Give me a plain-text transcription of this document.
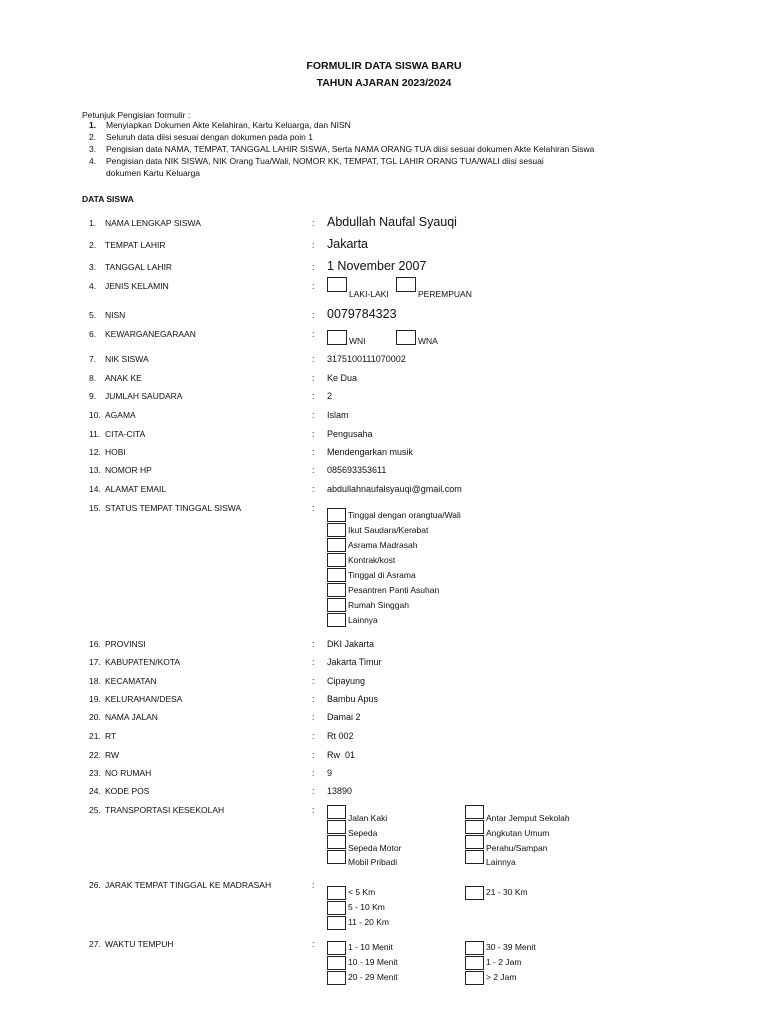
FORMULIR DATA SISWA BARU
TAHUN AJARAN 2023/2024
Petunjuk Pengisian formulir :
1. Menyiapkan Dokumen Akte Kelahiran, Kartu Keluarga, dan NISN
2. Seluruh data diisi sesuai dengan dokumen pada poin 1
3. Pengisian data NAMA, TEMPAT, TANGGAL LAHIR SISWA, Serta NAMA ORANG TUA diisi sesuai dokumen Akte Kelahiran Siswa
4. Pengisian data NIK SISWA, NIK Orang Tua/Wali, NOMOR KK, TEMPAT, TGL LAHIR ORANG TUA/WALI diisi sesuai
dokumen Kartu Keluarga
DATA SISWA
1. NAMA LENGKAP SISWA	: Abdullah Naufal Syauqi
2. TEMPAT LAHIR	: Jakarta
3. TANGGAL LAHIR	: 1 November 2007
4. JENIS KELAMIN	:
LAKI-LAKI	PEREMPUAN
5. NISN	: 0079784323
6. KEWARGANEGARAAN	:
WNI	WNA
7. NIK SISWA	: 3175100111070002
8. ANAK KE	: Ke Dua
9. JUMLAH SAUDARA	: 2
10. AGAMA	: Islam
11. CITA-CITA	: Pengusaha
12. HOBI	: Mendengarkan musik
13. NOMOR HP	: 085693353611
14. ALAMAT EMAIL	: abdullahnaufalsyauqi@gmail.com
15. STATUS TEMPAT TINGGAL SISWA	:
Tinggal dengan orangtua/Wali
Ikut Saudara/Kerabat
Asrama Madrasah
Kontrak/kost
Tinggal di Asrama
Pesantren Panti Asuhan
Rumah Singgah
Lainnya
16. PROVINSI	: DKI Jakarta
17. KABUPATEN/KOTA	: Jakarta Timur
18. KECAMATAN	: Cipayung
19. KELURAHAN/DESA	: Bambu Apus
20. NAMA JALAN	: Damai 2
21. RT	: Rt 002
22. RW	: Rw  01
23. NO RUMAH	: 9
24. KODE POS	: 13890
25. TRANSPORTASI KESEKOLAH	:
Jalan Kaki
Sepeda
Sepeda Motor
Mobil Pribadi
Antar Jemput Sekolah
Angkutan Umum
Perahu/Sampan
Lainnya
26. JARAK TEMPAT TINGGAL KE MADRASAH	:
< 5 Km
5 - 10 Km
11 - 20 Km
21 - 30 Km
27. WAKTU TEMPUH	:	1 - 10 Menit
10 - 19 Menit
20 - 29 Menit
30 - 39 Menit
1 - 2 Jam
> 2 Jam
